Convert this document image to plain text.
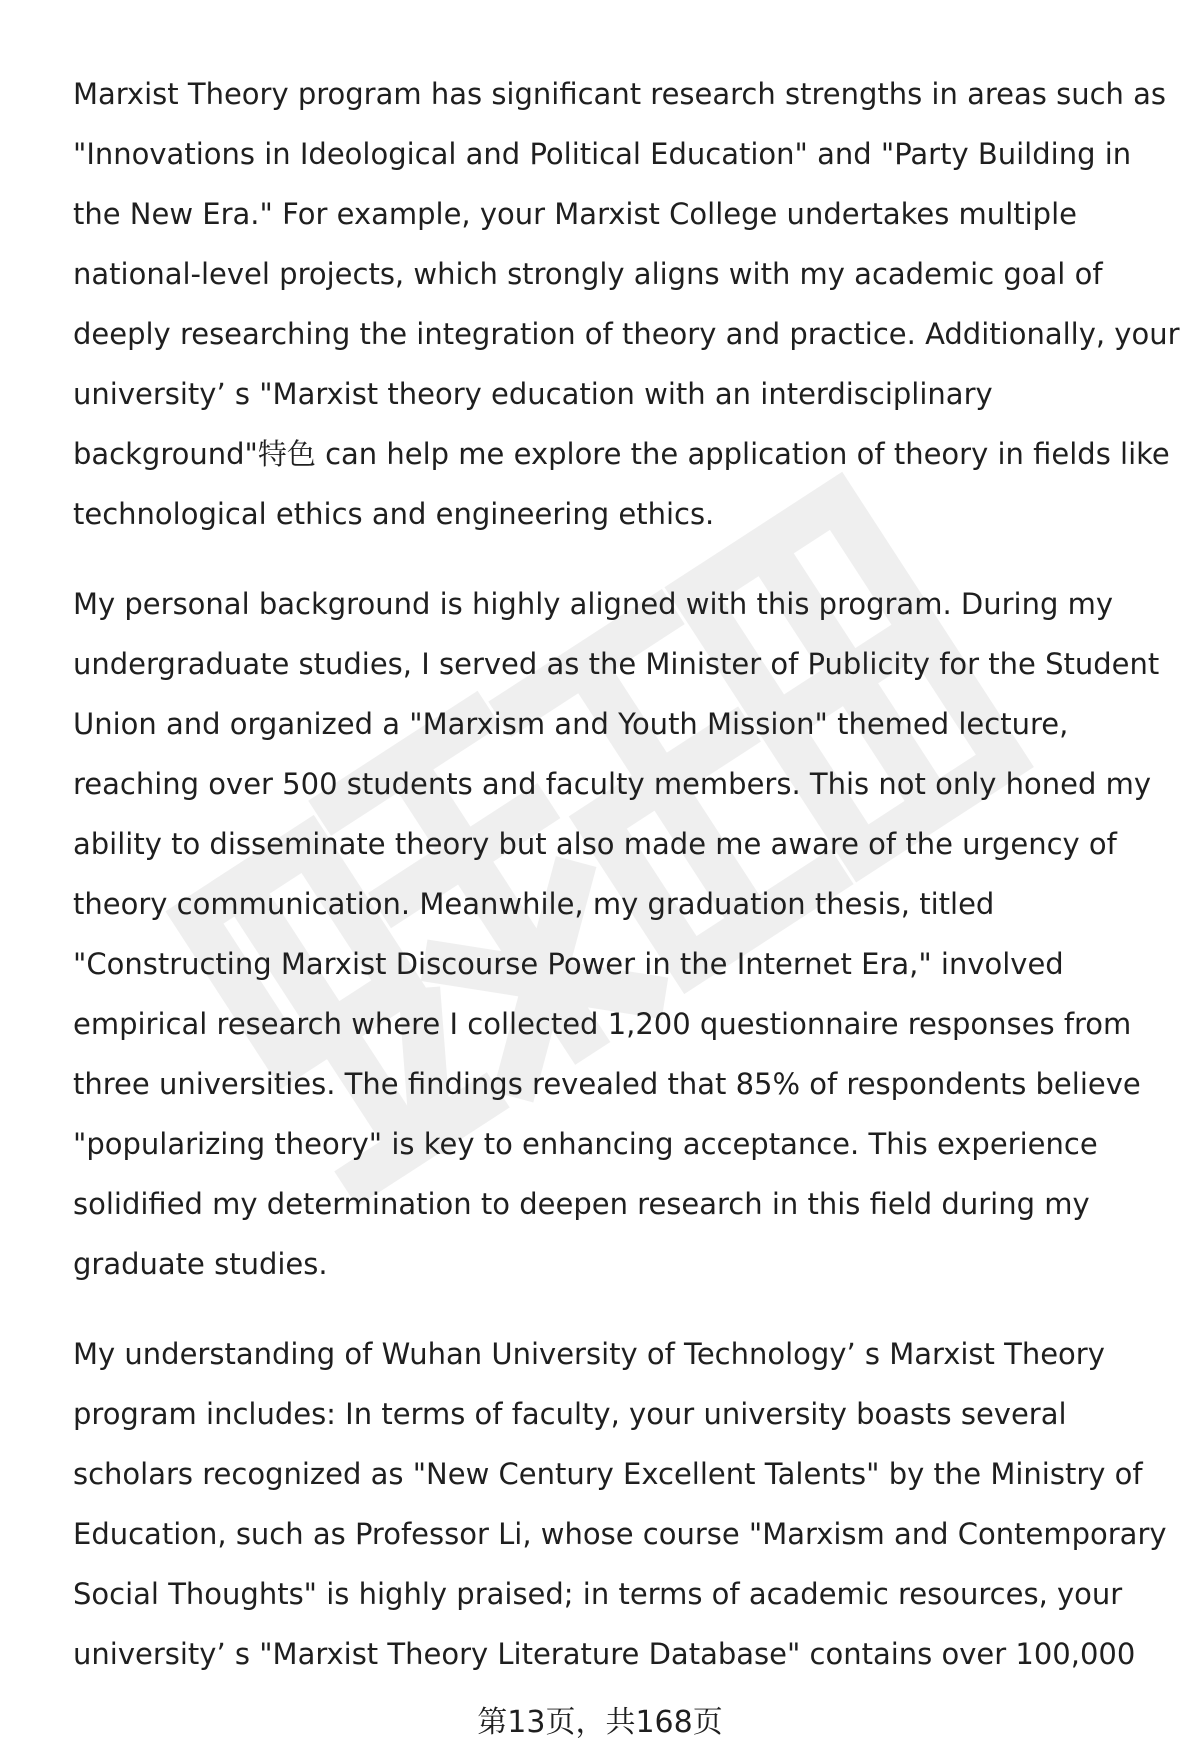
Marxist Theory program has significant research strengths in areas such as
"Innovations in Ideological and Political Education" and "Party Building in
the New Era." For example, your Marxist College undertakes multiple
national-level projects, which strongly aligns with my academic goal of
deeply researching the integration of theory and practice. Additionally, your
university’ s "Marxist theory education with an interdisciplinary
background"特色 can help me explore the application of theory in fields like
technological ethics and engineering ethics.

My personal background is highly aligned with this program. During my
undergraduate studies, I served as the Minister of Publicity for the Student
Union and organized a "Marxism and Youth Mission" themed lecture,
reaching over 500 students and faculty members. This not only honed my
ability to disseminate theory but also made me aware of the urgency of
theory communication. Meanwhile, my graduation thesis, titled
"Constructing Marxist Discourse Power in the Internet Era," involved
empirical research where I collected 1,200 questionnaire responses from
three universities. The findings revealed that 85% of respondents believe
"popularizing theory" is key to enhancing acceptance. This experience
solidified my determination to deepen research in this field during my
graduate studies.

My understanding of Wuhan University of Technology’ s Marxist Theory
program includes: In terms of faculty, your university boasts several
scholars recognized as "New Century Excellent Talents" by the Ministry of
Education, such as Professor Li, whose course "Marxism and Contemporary
Social Thoughts" is highly praised; in terms of academic resources, your
university’ s "Marxist Theory Literature Database" contains over 100,000

第13页，共168页
